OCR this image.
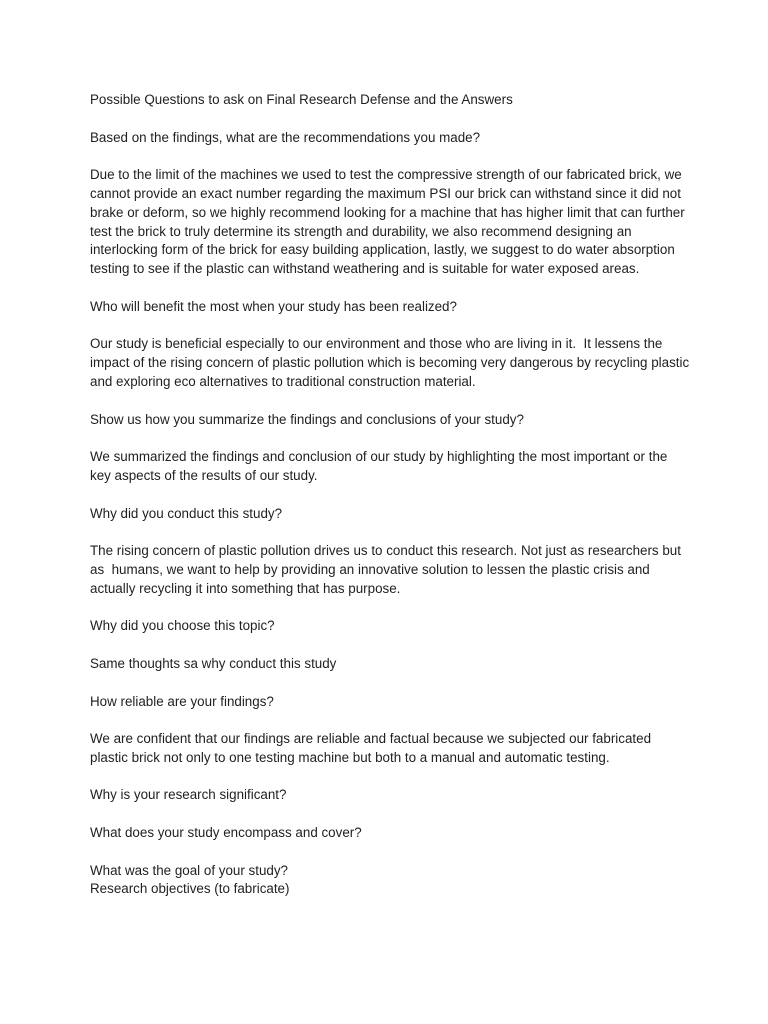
Possible Questions to ask on Final Research Defense and the Answers

Based on the findings, what are the recommendations you made?

Due to the limit of the machines we used to test the compressive strength of our fabricated brick, we cannot provide an exact number regarding the maximum PSI our brick can withstand since it did not brake or deform, so we highly recommend looking for a machine that has higher limit that can further test the brick to truly determine its strength and durability, we also recommend designing an interlocking form of the brick for easy building application, lastly, we suggest to do water absorption testing to see if the plastic can withstand weathering and is suitable for water exposed areas.

Who will benefit the most when your study has been realized?

Our study is beneficial especially to our environment and those who are living in it.  It lessens the impact of the rising concern of plastic pollution which is becoming very dangerous by recycling plastic and exploring eco alternatives to traditional construction material.

Show us how you summarize the findings and conclusions of your study?

We summarized the findings and conclusion of our study by highlighting the most important or the  key aspects of the results of our study.

Why did you conduct this study?

The rising concern of plastic pollution drives us to conduct this research. Not just as researchers but as  humans, we want to help by providing an innovative solution to lessen the plastic crisis and actually recycling it into something that has purpose.

Why did you choose this topic?

Same thoughts sa why conduct this study

How reliable are your findings?

We are confident that our findings are reliable and factual because we subjected our fabricated plastic brick not only to one testing machine but both to a manual and automatic testing.

Why is your research significant?

What does your study encompass and cover?

What was the goal of your study?

Research objectives (to fabricate)
